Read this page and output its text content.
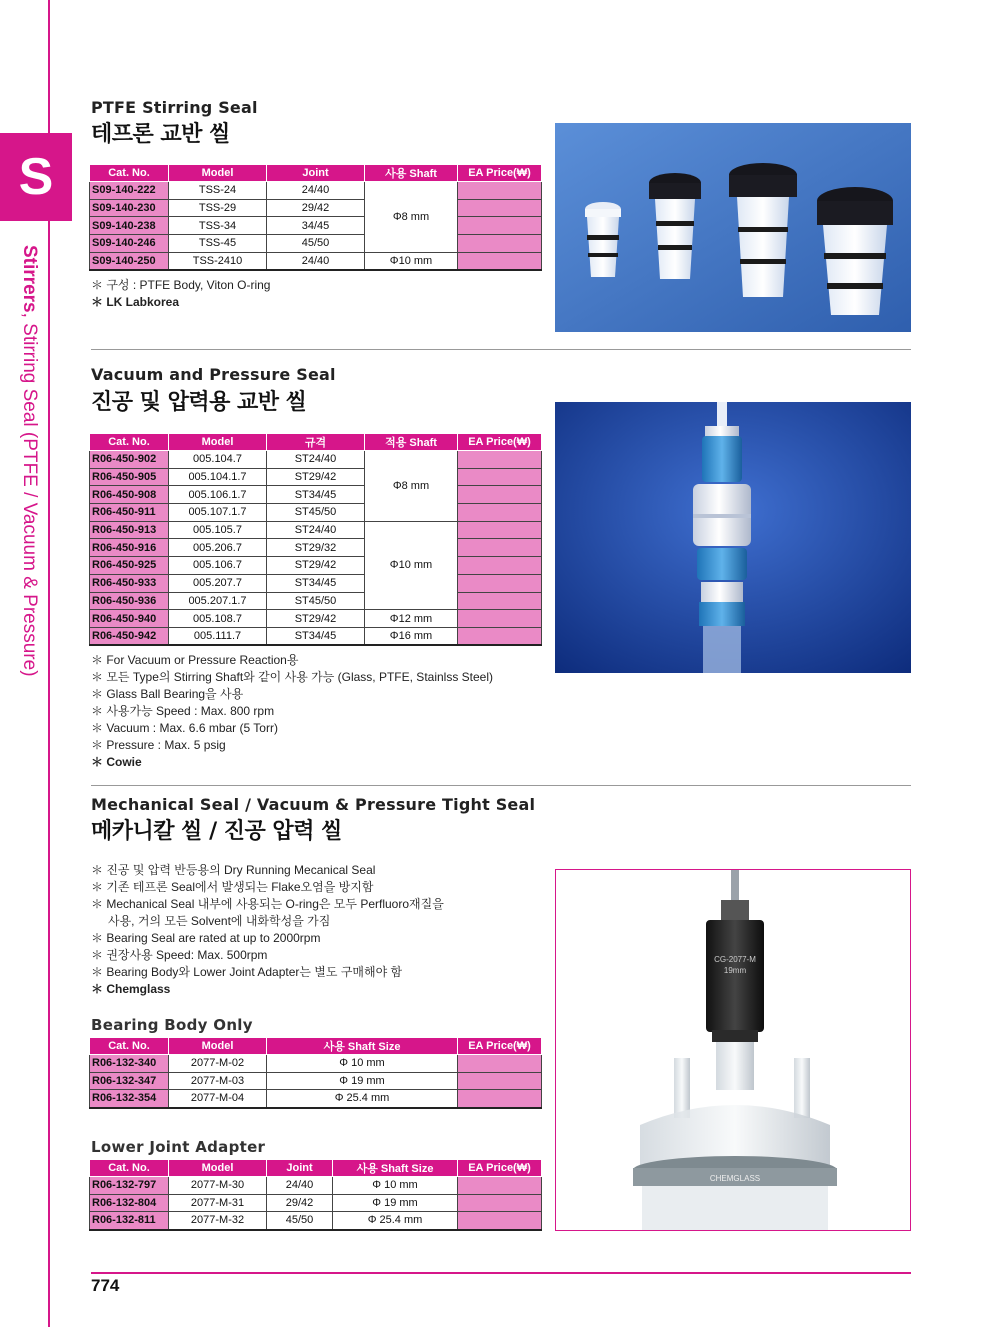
S
Stirrers, Stirring Seal (PTFE / Vacuum & Pressure)
PTFE Stirring Seal
테프론 교반 씰
Cat. No.	Model	Joint	사용 Shaft	EA Price(₩)
S09-140-222	TSS-24	24/40	Φ8 mm	
S09-140-230	TSS-29	29/42		
S09-140-238	TSS-34	34/45		
S09-140-246	TSS-45	45/50		
S09-140-250	TSS-2410	24/40	Φ10 mm	
＊ 구성 : PTFE Body, Viton O-ring
＊ LK Labkorea
Vacuum and Pressure Seal
진공 및 압력용 교반 씰
Cat. No.	Model	규격	적용 Shaft	EA Price(₩)
R06-450-902	005.104.7	ST24/40	Φ8 mm	
R06-450-905	005.104.1.7	ST29/42		
R06-450-908	005.106.1.7	ST34/45		
R06-450-911	005.107.1.7	ST45/50		
R06-450-913	005.105.7	ST24/40	Φ10 mm	
R06-450-916	005.206.7	ST29/32		
R06-450-925	005.106.7	ST29/42		
R06-450-933	005.207.7	ST34/45		
R06-450-936	005.207.1.7	ST45/50		
R06-450-940	005.108.7	ST29/42	Φ12 mm	
R06-450-942	005.111.7	ST34/45	Φ16 mm	
＊ For Vacuum or Pressure Reaction용
＊ 모든 Type의 Stirring Shaft와 같이 사용 가능 (Glass, PTFE, Stainlss Steel)
＊ Glass Ball Bearing을 사용
＊ 사용가능 Speed : Max. 800 rpm
＊ Vacuum : Max. 6.6 mbar (5 Torr)
＊ Pressure : Max. 5 psig
＊ Cowie
Mechanical Seal / Vacuum & Pressure Tight Seal
메카니칼 씰 / 진공 압력 씰
＊ 진공 및 압력 반등용의 Dry Running Mecanical Seal
＊ 기존 테프론 Seal에서 발생되는 Flake오염을 방지함
＊ Mechanical Seal 내부에 사용되는 O-ring은 모두 Perfluoro재질을
사용, 거의 모든 Solvent에 내화학성을 가짐
＊ Bearing Seal are rated at up to 2000rpm
＊ 권장사용 Speed: Max. 500rpm
＊ Bearing Body와 Lower Joint Adapter는 별도 구매해야 함
＊ Chemglass
Bearing Body Only
Cat. No.	Model	사용 Shaft Size	EA Price(₩)
R06-132-340	2077-M-02	Φ 10 mm	
R06-132-347	2077-M-03	Φ 19 mm	
R06-132-354	2077-M-04	Φ 25.4 mm	
Lower Joint Adapter
Cat. No.	Model	Joint	사용 Shaft Size	EA Price(₩)
R06-132-797	2077-M-30	24/40	Φ 10 mm	
R06-132-804	2077-M-31	29/42	Φ 19 mm	
R06-132-811	2077-M-32	45/50	Φ 25.4 mm	
CG-2077-M
19mm
CHEMGLASS
774
